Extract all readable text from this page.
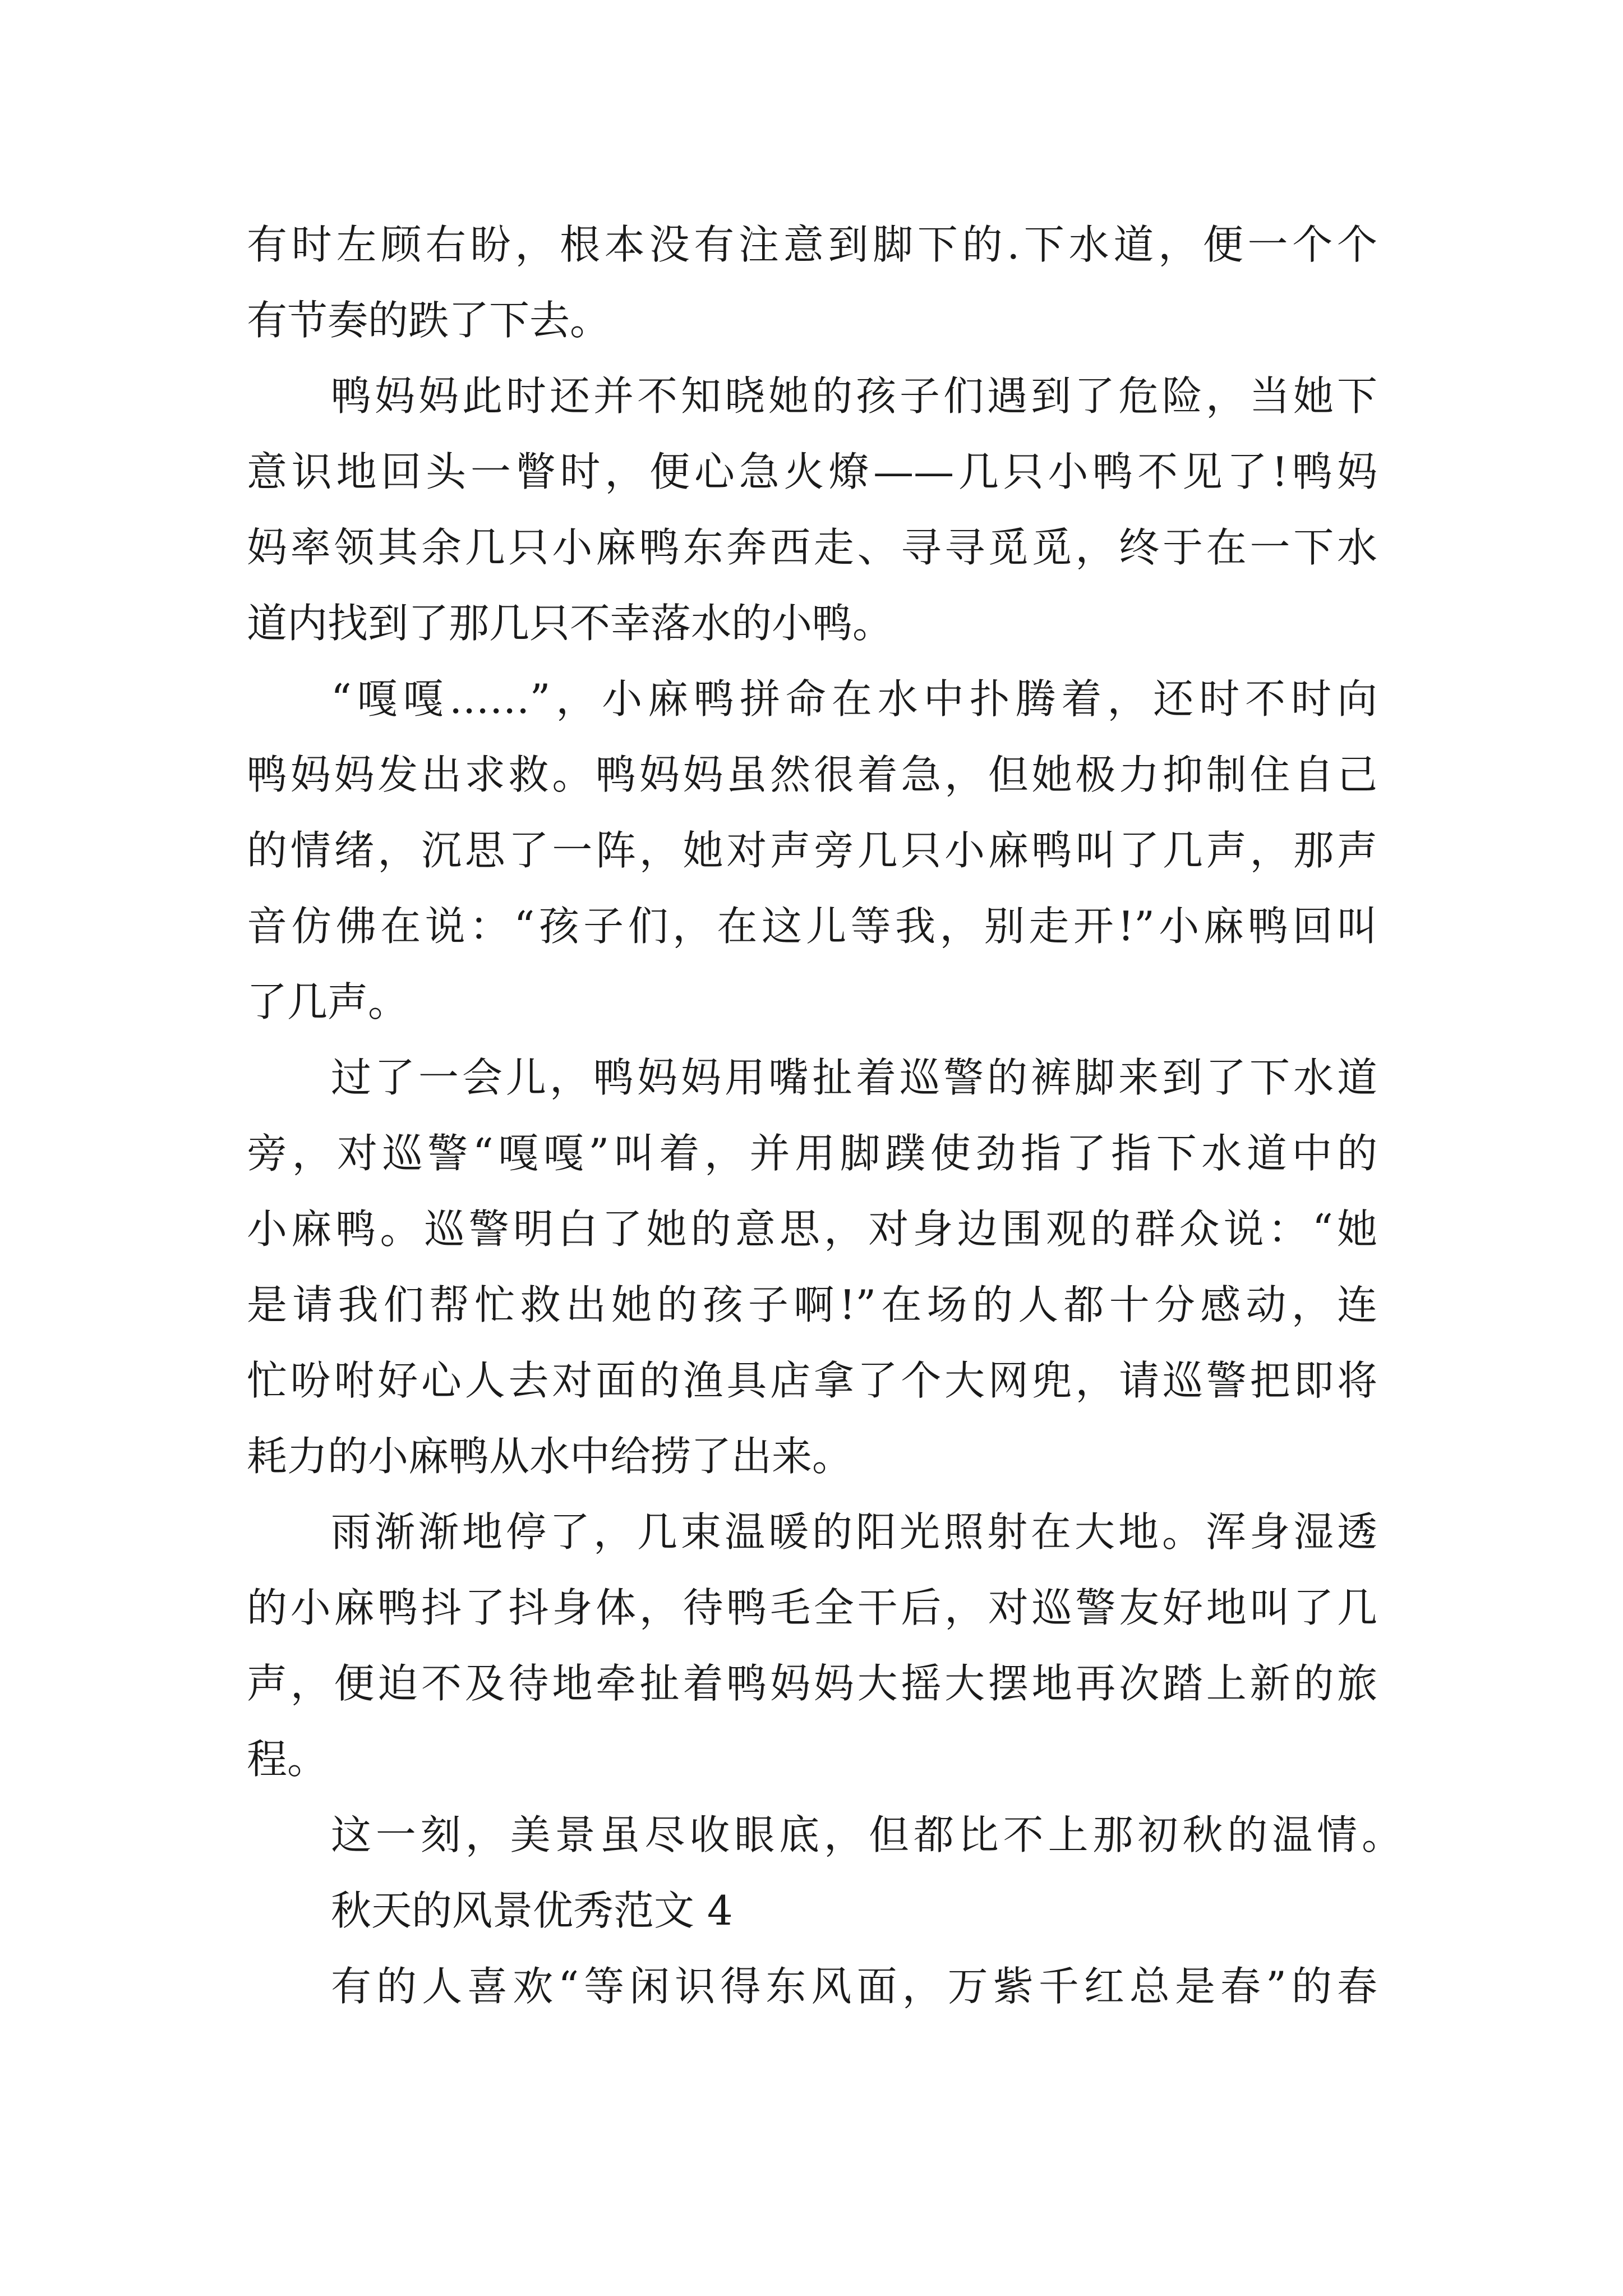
有时左顾右盼，根本没有注意到脚下的.下水道，便一个个

有节奏的跌了下去。

鸭妈妈此时还并不知晓她的孩子们遇到了危险，当她下

意识地回头一瞥时，便心急火燎——几只小鸭不见了!鸭妈

妈率领其余几只小麻鸭东奔西走、寻寻觅觅，终于在一下水

道内找到了那几只不幸落水的小鸭。

“嘎嘎……”，小麻鸭拼命在水中扑腾着，还时不时向

鸭妈妈发出求救。鸭妈妈虽然很着急，但她极力抑制住自己

的情绪，沉思了一阵，她对声旁几只小麻鸭叫了几声，那声

音仿佛在说：“孩子们，在这儿等我，别走开!”小麻鸭回叫

了几声。

过了一会儿，鸭妈妈用嘴扯着巡警的裤脚来到了下水道

旁，对巡警“嘎嘎”叫着，并用脚蹼使劲指了指下水道中的

小麻鸭。巡警明白了她的意思，对身边围观的群众说：“她

是请我们帮忙救出她的孩子啊!”在场的人都十分感动，连

忙吩咐好心人去对面的渔具店拿了个大网兜，请巡警把即将

耗力的小麻鸭从水中给捞了出来。

雨渐渐地停了，几束温暖的阳光照射在大地。浑身湿透

的小麻鸭抖了抖身体，待鸭毛全干后，对巡警友好地叫了几

声，便迫不及待地牵扯着鸭妈妈大摇大摆地再次踏上新的旅

程。

这一刻，美景虽尽收眼底，但都比不上那初秋的温情。

秋天的风景优秀范文 4

有的人喜欢“等闲识得东风面，万紫千红总是春”的春
